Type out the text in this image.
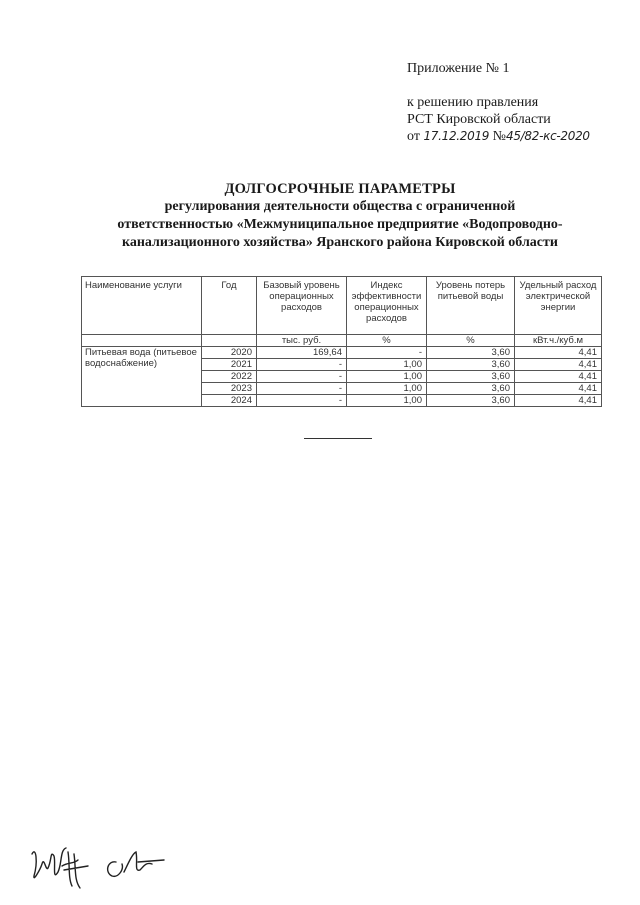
Приложение № 1
к решению правления
РСТ Кировской области
от 17.12.2019 №45/82-кс-2020
ДОЛГОСРОЧНЫЕ ПАРАМЕТРЫ
регулирования деятельности общества с ограниченной
ответственностью «Межмуниципальное предприятие «Водопроводно-
канализационного хозяйства» Яранского района Кировской области
Наименование услуги	Год	Базовый уровень операционных расходов	Индекс эффективности операционных расходов	Уровень потерь питьевой воды	Удельный расход электрической энергии
		тыс. руб.	%	%	кВт.ч./куб.м
Питьевая вода (питьевое водоснабжение)	2020	169,64	-	3,60	4,41
	2021	-	1,00	3,60	4,41
	2022	-	1,00	3,60	4,41
	2023	-	1,00	3,60	4,41
	2024	-	1,00	3,60	4,41
